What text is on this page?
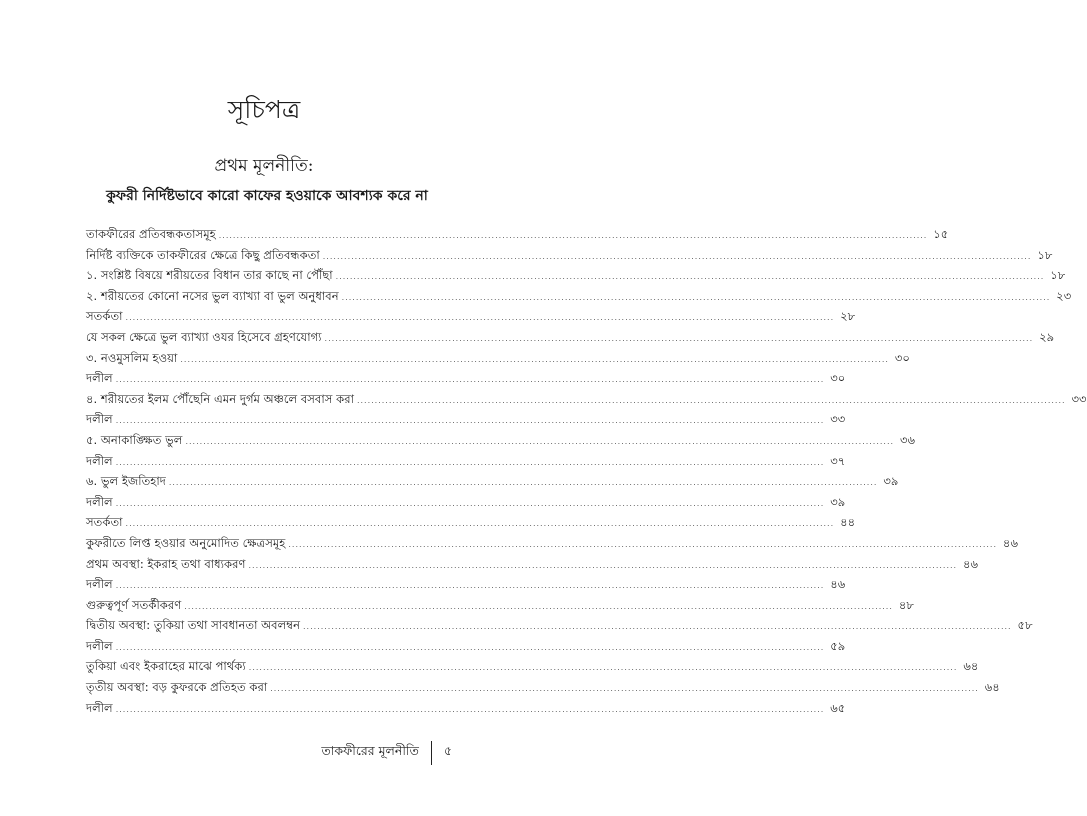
সূচিপত্র
প্রথম মূলনীতি:
কুফরী নির্দিষ্টভাবে কারো কাফের হওয়াকে আবশ্যক করে না
তাকফীরের প্রতিবন্ধকতাসমূহ ........................................................................................................................................................................................................ ১৫
নির্দিষ্ট ব্যক্তিকে তাকফীরের ক্ষেত্রে কিছু প্রতিবন্ধকতা ........................................................................................................................................................................................................ ১৮
১. সংশ্লিষ্ট বিষয়ে শরীয়তের বিধান তার কাছে না পৌঁছা ........................................................................................................................................................................................................ ১৮
২. শরীয়তের কোনো নসের ভুল ব্যাখ্যা বা ভুল অনুধাবন ........................................................................................................................................................................................................ ২৩
সতর্কতা ........................................................................................................................................................................................................ ২৮
যে সকল ক্ষেত্রে ভুল ব্যাখ্যা ওযর হিসেবে গ্রহণযোগ্য ........................................................................................................................................................................................................ ২৯
৩. নওমুসলিম হওয়া ........................................................................................................................................................................................................ ৩০
দলীল ........................................................................................................................................................................................................ ৩০
৪. শরীয়তের ইলম পৌঁছেনি এমন দুর্গম অঞ্চলে বসবাস করা ........................................................................................................................................................................................................ ৩৩
দলীল ........................................................................................................................................................................................................ ৩৩
৫. অনাকাঙ্ক্ষিত ভুল ........................................................................................................................................................................................................ ৩৬
দলীল ........................................................................................................................................................................................................ ৩৭
৬. ভুল ইজতিহাদ ........................................................................................................................................................................................................ ৩৯
দলীল ........................................................................................................................................................................................................ ৩৯
সতর্কতা ........................................................................................................................................................................................................ ৪৪
কুফরীতে লিপ্ত হওয়ার অনুমোদিত ক্ষেত্রসমূহ ........................................................................................................................................................................................................ ৪৬
প্রথম অবস্থা: ইকরাহ তথা বাধ্যকরণ ........................................................................................................................................................................................................ ৪৬
দলীল ........................................................................................................................................................................................................ ৪৬
গুরুত্বপূর্ণ সতর্কীকরণ ........................................................................................................................................................................................................ ৪৮
দ্বিতীয় অবস্থা: তুকিয়া তথা সাবধানতা অবলম্বন ........................................................................................................................................................................................................ ৫৮
দলীল ........................................................................................................................................................................................................ ৫৯
তুকিয়া এবং ইকরাহের মাঝে পার্থক্য ........................................................................................................................................................................................................ ৬৪
তৃতীয় অবস্থা: বড় কুফরকে প্রতিহত করা ........................................................................................................................................................................................................ ৬৪
দলীল ........................................................................................................................................................................................................ ৬৫
তাকফীরের মূলনীতি ৫
